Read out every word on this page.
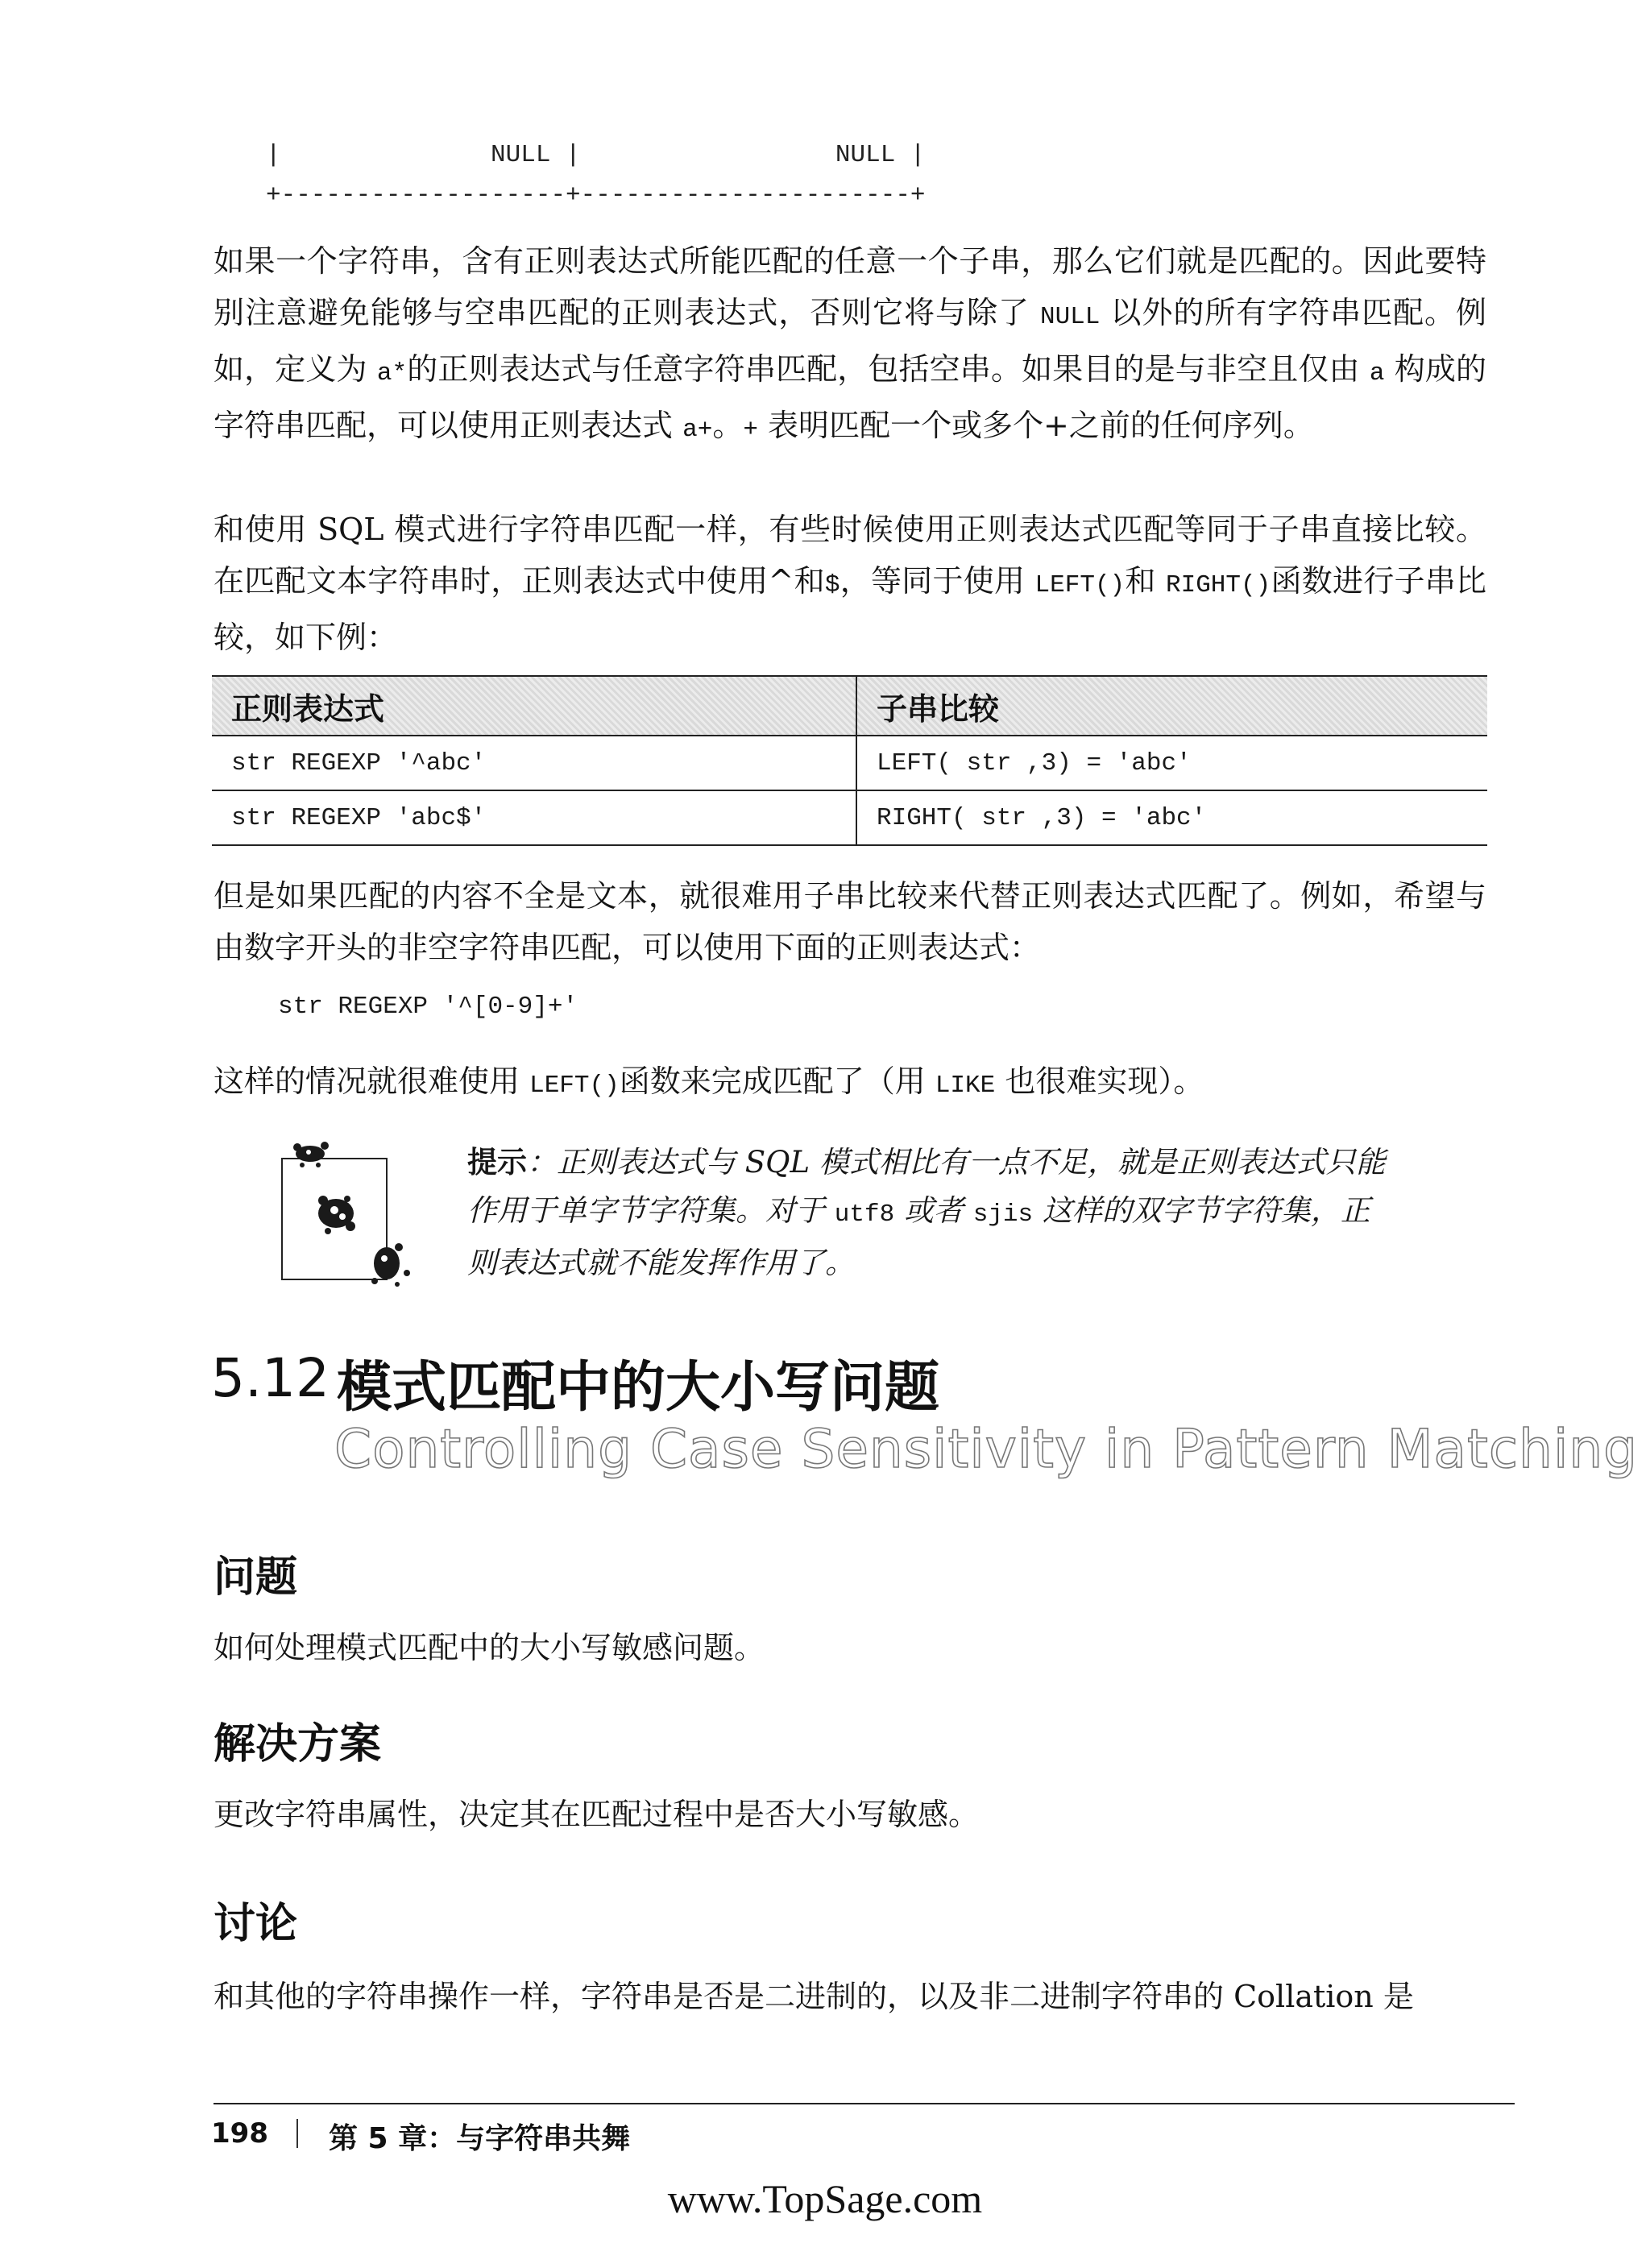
|              NULL |                 NULL |
+-------------------+----------------------+
如果一个字符串，含有正则表达式所能匹配的任意一个子串，那么它们就是匹配的。因此要特别注意避免能够与空串匹配的正则表达式，否则它将与除了 NULL 以外的所有字符串匹配。例如，定义为 a*的正则表达式与任意字符串匹配，包括空串。如果目的是与非空且仅由 a 构成的字符串匹配，可以使用正则表达式 a+。+ 表明匹配一个或多个+之前的任何序列。
和使用 SQL 模式进行字符串匹配一样，有些时候使用正则表达式匹配等同于子串直接比较。在匹配文本字符串时，正则表达式中使用^和$，等同于使用 LEFT()和 RIGHT()函数进行子串比较，如下例：
正则表达式	子串比较
str REGEXP '^abc'	LEFT( str ,3) = 'abc'
str REGEXP 'abc$'	RIGHT( str ,3) = 'abc'
但是如果匹配的内容不全是文本，就很难用子串比较来代替正则表达式匹配了。例如，希望与由数字开头的非空字符串匹配，可以使用下面的正则表达式：
str REGEXP '^[0-9]+'
这样的情况就很难使用 LEFT()函数来完成匹配了（用 LIKE 也很难实现）。
提示：正则表达式与 SQL 模式相比有一点不足，就是正则表达式只能作用于单字节字符集。对于 utf8 或者 sjis 这样的双字节字符集，正则表达式就不能发挥作用了。
5.12 模式匹配中的大小写问题
Controlling Case Sensitivity in Pattern Matching
问题
如何处理模式匹配中的大小写敏感问题。
解决方案
更改字符串属性，决定其在匹配过程中是否大小写敏感。
讨论
和其他的字符串操作一样，字符串是否是二进制的，以及非二进制字符串的 Collation 是
198 第 5 章：与字符串共舞
www.TopSage.com
